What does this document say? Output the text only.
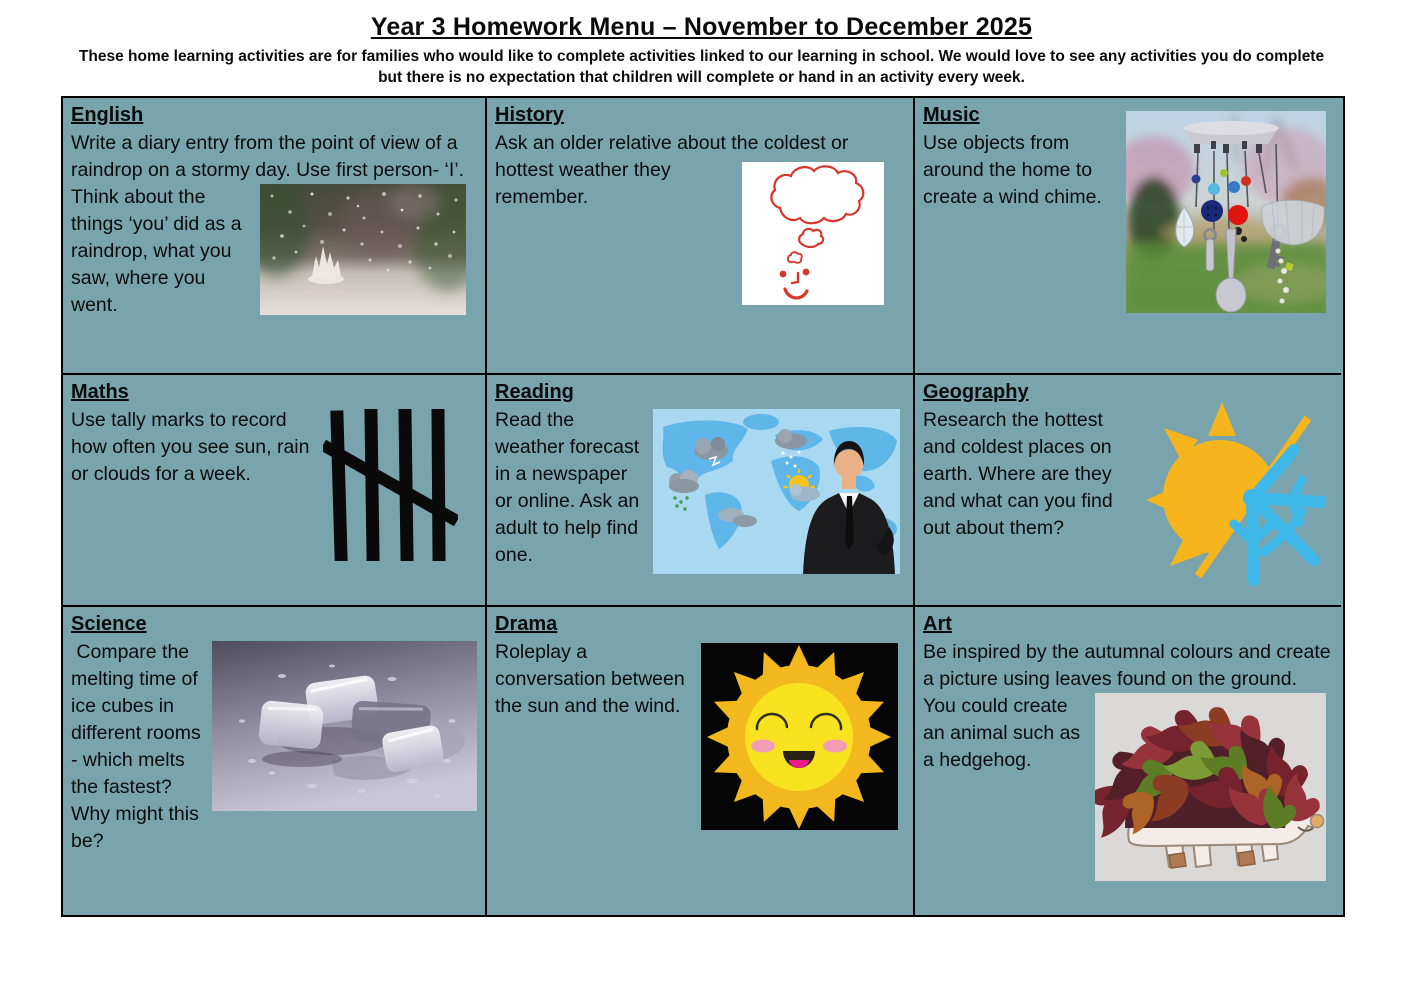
Year 3 Homework Menu – November to December 2025
These home learning activities are for families who would like to complete activities linked to our learning in school. We would love to see any activities you do complete but there is no expectation that children will complete or hand in an activity every week.
English
Write a diary entry from the point of view of a raindrop on a stormy day. Use first person- ‘I’. Think about the things ‘you’ did as a raindrop, what you saw, where you went.
History
Ask an older relative about the coldest or hottest weather they remember.
Music
Use objects from around the home to create a wind chime.
Maths
Use tally marks to record how often you see sun, rain or clouds for a week.
Reading
Read the weather forecast in a newspaper or online. Ask an adult to help find one.
Geography
Research the hottest and coldest places on earth. Where are they and what can you find out about them?
Science
Compare the melting time of ice cubes in different rooms - which melts the fastest? Why might this be?
Drama
Roleplay a conversation between the sun and the wind.
Art
Be inspired by the autumnal colours and create a picture using leaves found on the ground. You could create an animal such as a hedgehog.
